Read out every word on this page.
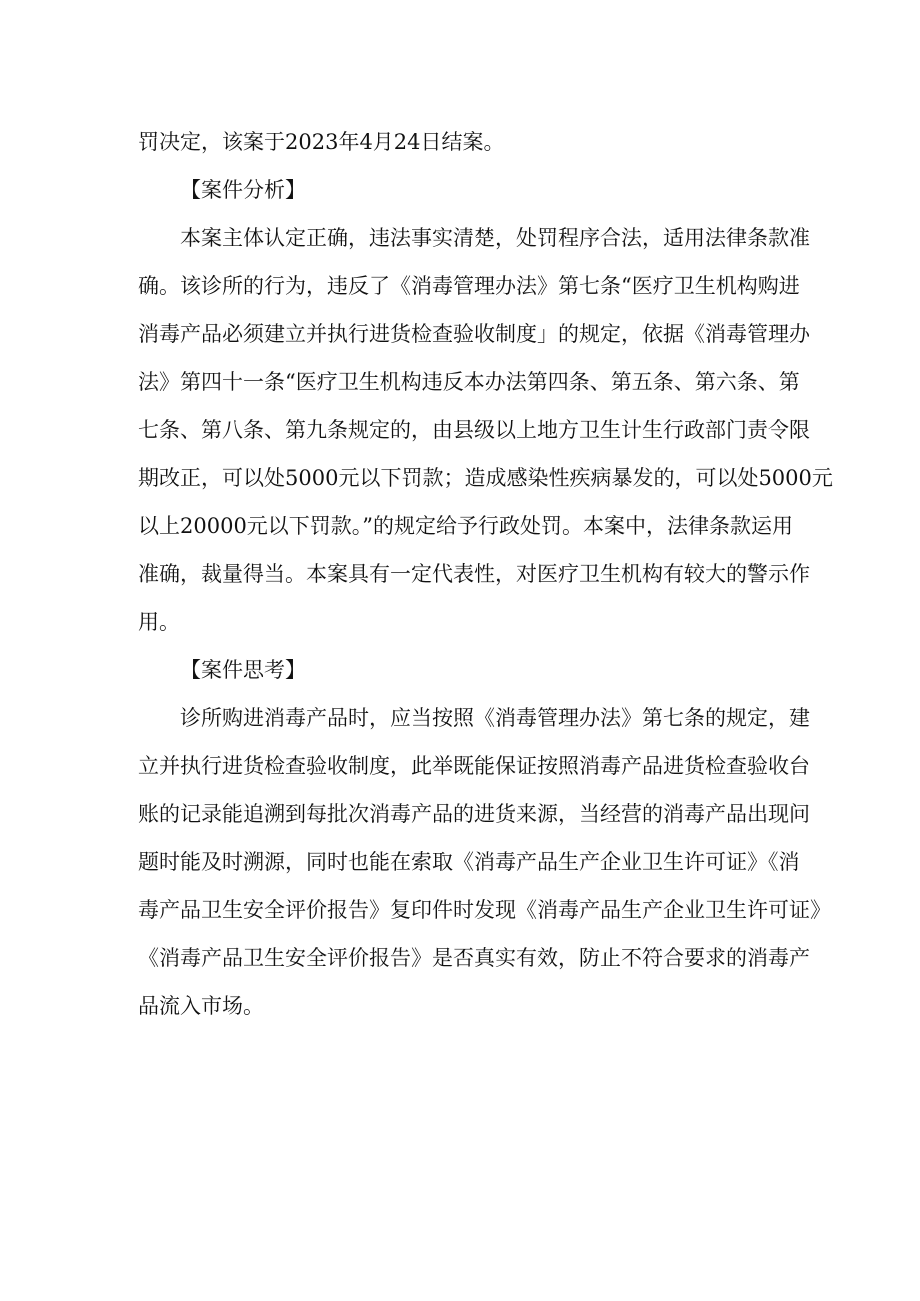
罚决定，该案于2023年4月24日结案。
【案件分析】
本案主体认定正确，违法事实清楚，处罚程序合法，适用法律条款准
确。该诊所的行为，违反了《消毒管理办法》第七条“医疗卫生机构购进
消毒产品必须建立并执行进货检查验收制度」的规定，依据《消毒管理办
法》第四十一条“医疗卫生机构违反本办法第四条、第五条、第六条、第
七条、第八条、第九条规定的，由县级以上地方卫生计生行政部门责令限
期改正，可以处5000元以下罚款；造成感染性疾病暴发的，可以处5000元
以上20000元以下罚款。”的规定给予行政处罚。本案中，法律条款运用
准确，裁量得当。本案具有一定代表性，对医疗卫生机构有较大的警示作
用。
【案件思考】
诊所购进消毒产品时，应当按照《消毒管理办法》第七条的规定，建
立并执行进货检查验收制度，此举既能保证按照消毒产品进货检查验收台
账的记录能追溯到每批次消毒产品的进货来源，当经营的消毒产品出现问
题时能及时溯源，同时也能在索取《消毒产品生产企业卫生许可证》《消
毒产品卫生安全评价报告》复印件时发现《消毒产品生产企业卫生许可证》
《消毒产品卫生安全评价报告》是否真实有效，防止不符合要求的消毒产
品流入市场。
